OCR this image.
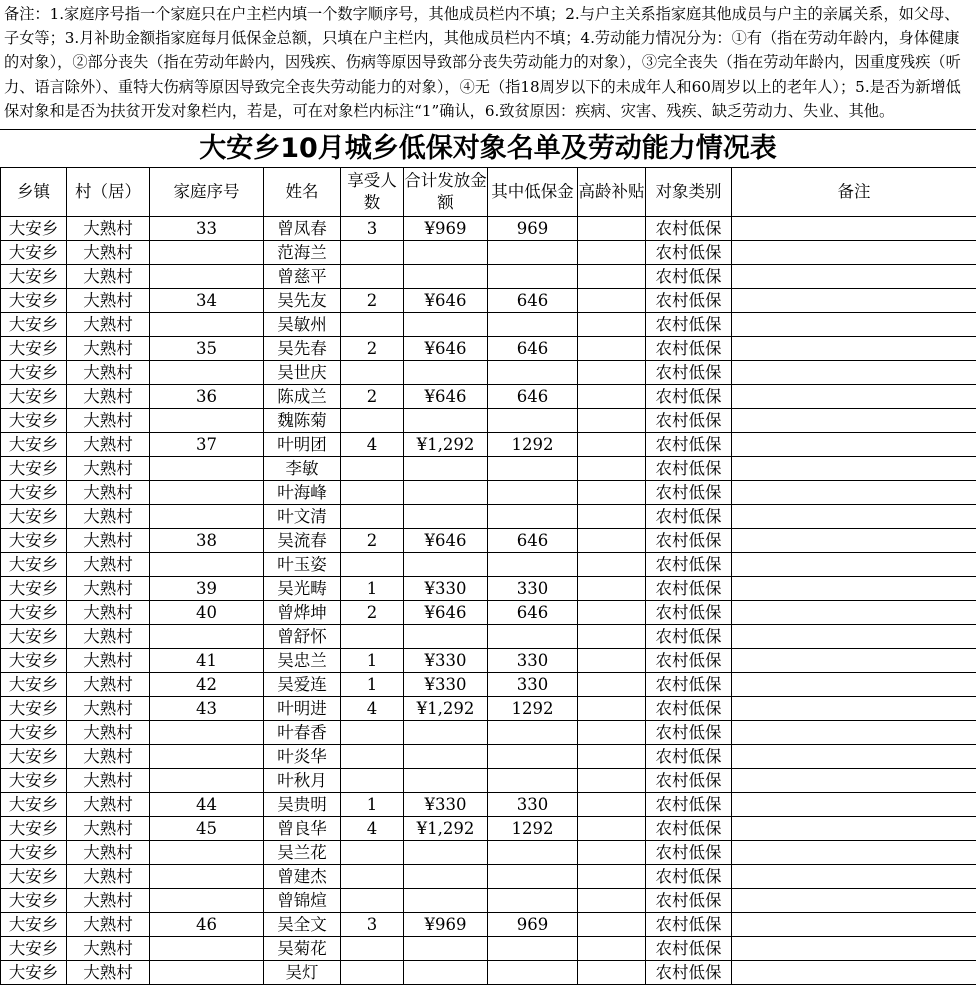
备注：1.家庭序号指一个家庭只在户主栏内填一个数字顺序号，其他成员栏内不填；2.与户主关系指家庭其他成员与户主的亲属关系，如父母、子女等；3.月补助金额指家庭每月低保金总额，只填在户主栏内，其他成员栏内不填；4.劳动能力情况分为：①有（指在劳动年龄内，身体健康的对象），②部分丧失（指在劳动年龄内，因残疾、伤病等原因导致部分丧失劳动能力的对象），③完全丧失（指在劳动年龄内，因重度残疾（听力、语言除外）、重特大伤病等原因导致完全丧失劳动能力的对象），④无（指18周岁以下的未成年人和60周岁以上的老年人）；5.是否为新增低保对象和是否为扶贫开发对象栏内，若是，可在对象栏内标注“1”确认，6.致贫原因：疾病、灾害、残疾、缺乏劳动力、失业、其他。
大安乡10月城乡低保对象名单及劳动能力情况表
乡镇	村（居）	家庭序号	姓名	享受人数	合计发放金额	其中低保金	高龄补贴	对象类别	备注
大安乡	大熟村	33	曾凤春	3	¥969	969		农村低保	
大安乡	大熟村		范海兰					农村低保	
大安乡	大熟村		曾慈平					农村低保	
大安乡	大熟村	34	吴先友	2	¥646	646		农村低保	
大安乡	大熟村		吴敏州					农村低保	
大安乡	大熟村	35	吴先春	2	¥646	646		农村低保	
大安乡	大熟村		吴世庆					农村低保	
大安乡	大熟村	36	陈成兰	2	¥646	646		农村低保	
大安乡	大熟村		魏陈菊					农村低保	
大安乡	大熟村	37	叶明团	4	¥1,292	1292		农村低保	
大安乡	大熟村		李敏					农村低保	
大安乡	大熟村		叶海峰					农村低保	
大安乡	大熟村		叶文清					农村低保	
大安乡	大熟村	38	吴流春	2	¥646	646		农村低保	
大安乡	大熟村		叶玉姿					农村低保	
大安乡	大熟村	39	吴光畴	1	¥330	330		农村低保	
大安乡	大熟村	40	曾烨坤	2	¥646	646		农村低保	
大安乡	大熟村		曾舒怀					农村低保	
大安乡	大熟村	41	吴忠兰	1	¥330	330		农村低保	
大安乡	大熟村	42	吴爱连	1	¥330	330		农村低保	
大安乡	大熟村	43	叶明进	4	¥1,292	1292		农村低保	
大安乡	大熟村		叶春香					农村低保	
大安乡	大熟村		叶炎华					农村低保	
大安乡	大熟村		叶秋月					农村低保	
大安乡	大熟村	44	吴贵明	1	¥330	330		农村低保	
大安乡	大熟村	45	曾良华	4	¥1,292	1292		农村低保	
大安乡	大熟村		吴兰花					农村低保	
大安乡	大熟村		曾建杰					农村低保	
大安乡	大熟村		曾锦煊					农村低保	
大安乡	大熟村	46	吴全文	3	¥969	969		农村低保	
大安乡	大熟村		吴菊花					农村低保	
大安乡	大熟村		吴灯					农村低保	
